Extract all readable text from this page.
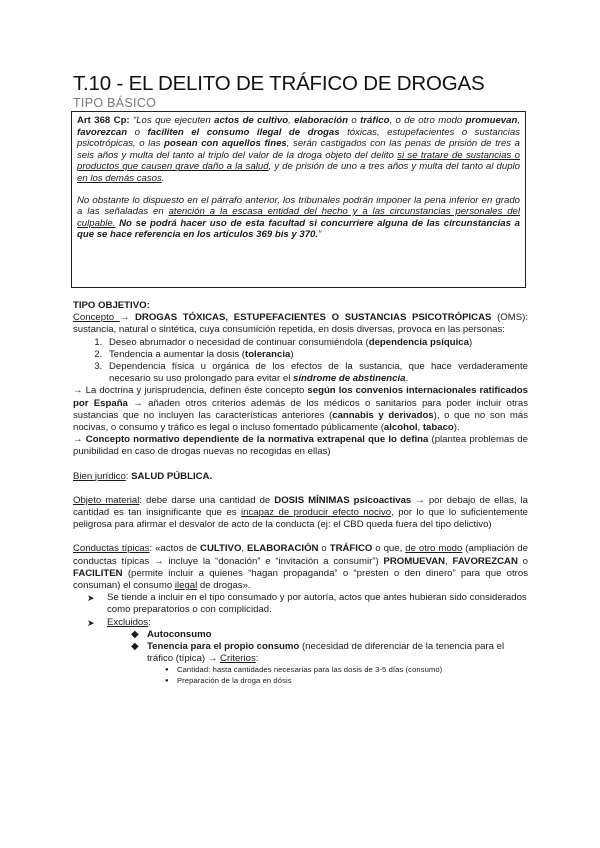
T.10 - EL DELITO DE TRÁFICO DE DROGAS
TIPO BÁSICO

Art 368 Cp: “Los que ejecuten actos de cultivo, elaboración o tráfico, o de otro modo promuevan, favorezcan o faciliten el consumo ilegal de drogas tóxicas, estupefacientes o sustancias psicotrópicas, o las posean con aquellos fines, serán castigados con las penas de prisión de tres a seis años y multa del tanto al triplo del valor de la droga objeto del delito si se tratare de sustancias o productos que causen grave daño a la salud, y de prisión de uno a tres años y multa del tanto al duplo en los demás casos.

No obstante lo dispuesto en el párrafo anterior, los tribunales podrán imponer la pena inferior en grado a las señaladas en atención a la escasa entidad del hecho y a las circunstancias personales del culpable. No se podrá hacer uso de esta facultad si concurriere alguna de las circunstancias a que se hace referencia en los artículos 369 bis y 370.”

TIPO OBJETIVO:

Concepto → DROGAS TÓXICAS, ESTUPEFACIENTES O SUSTANCIAS PSICOTRÓPICAS (OMS): sustancia, natural o sintética, cuya consumición repetida, en dosis diversas, provoca en las personas:

1. Deseo abrumador o necesidad de continuar consumiéndola (dependencia psíquica)
2. Tendencia a aumentar la dosis (tolerancia)
3. Dependencia física u orgánica de los efectos de la sustancia, que hace verdaderamente necesario su uso prolongado para evitar el síndrome de abstinencia.

→ La doctrina y jurisprudencia, definen éste concepto según los convenios internacionales ratificados por España → añaden otros criterios además de los médicos o sanitarios para poder incluir otras sustancias que no incluyen las características anteriores (cannabis y derivados), o que no son más nocivas, o consumo y tráfico es legal o incluso fomentado públicamente (alcohol, tabaco).

→ Concepto normativo dependiente de la normativa extrapenal que lo defina (plantea problemas de punibilidad en caso de drogas nuevas no recogidas en ellas)

Bien jurídico: SALUD PÚBLICA.

Objeto material: debe darse una cantidad de DOSIS MÍNIMAS psicoactivas → por debajo de ellas, la cantidad es tan insignificante que es incapaz de producir efecto nocivo, por lo que lo suficientemente peligrosa para afirmar el desvalor de acto de la conducta (ej: el CBD queda fuera del tipo delictivo)

Conductas típicas: «actos de CULTIVO, ELABORACIÓN o TRÁFICO o que, de otro modo (ampliación de conductas típicas → incluye la “donación” e “invitación a consumir”) PROMUEVAN, FAVOREZCAN o FACILITEN (permite incluir a quienes “hagan propaganda” o “presten o den dinero” para que otros consuman) el consumo ilegal de drogas».

➤ Se tiende a incluir en el tipo consumado y por autoría, actos que antes hubieran sido considerados como preparatorios o con complicidad.
➤ Excluidos:
◆ Autoconsumo
◆ Tenencia para el propio consumo (necesidad de diferenciar de la tenencia para el tráfico (típica) → Criterios:
● Cantidad: hasta cantidades necesarias para las dosis de 3-5 días (consumo)
● Preparación de la droga en dósis
